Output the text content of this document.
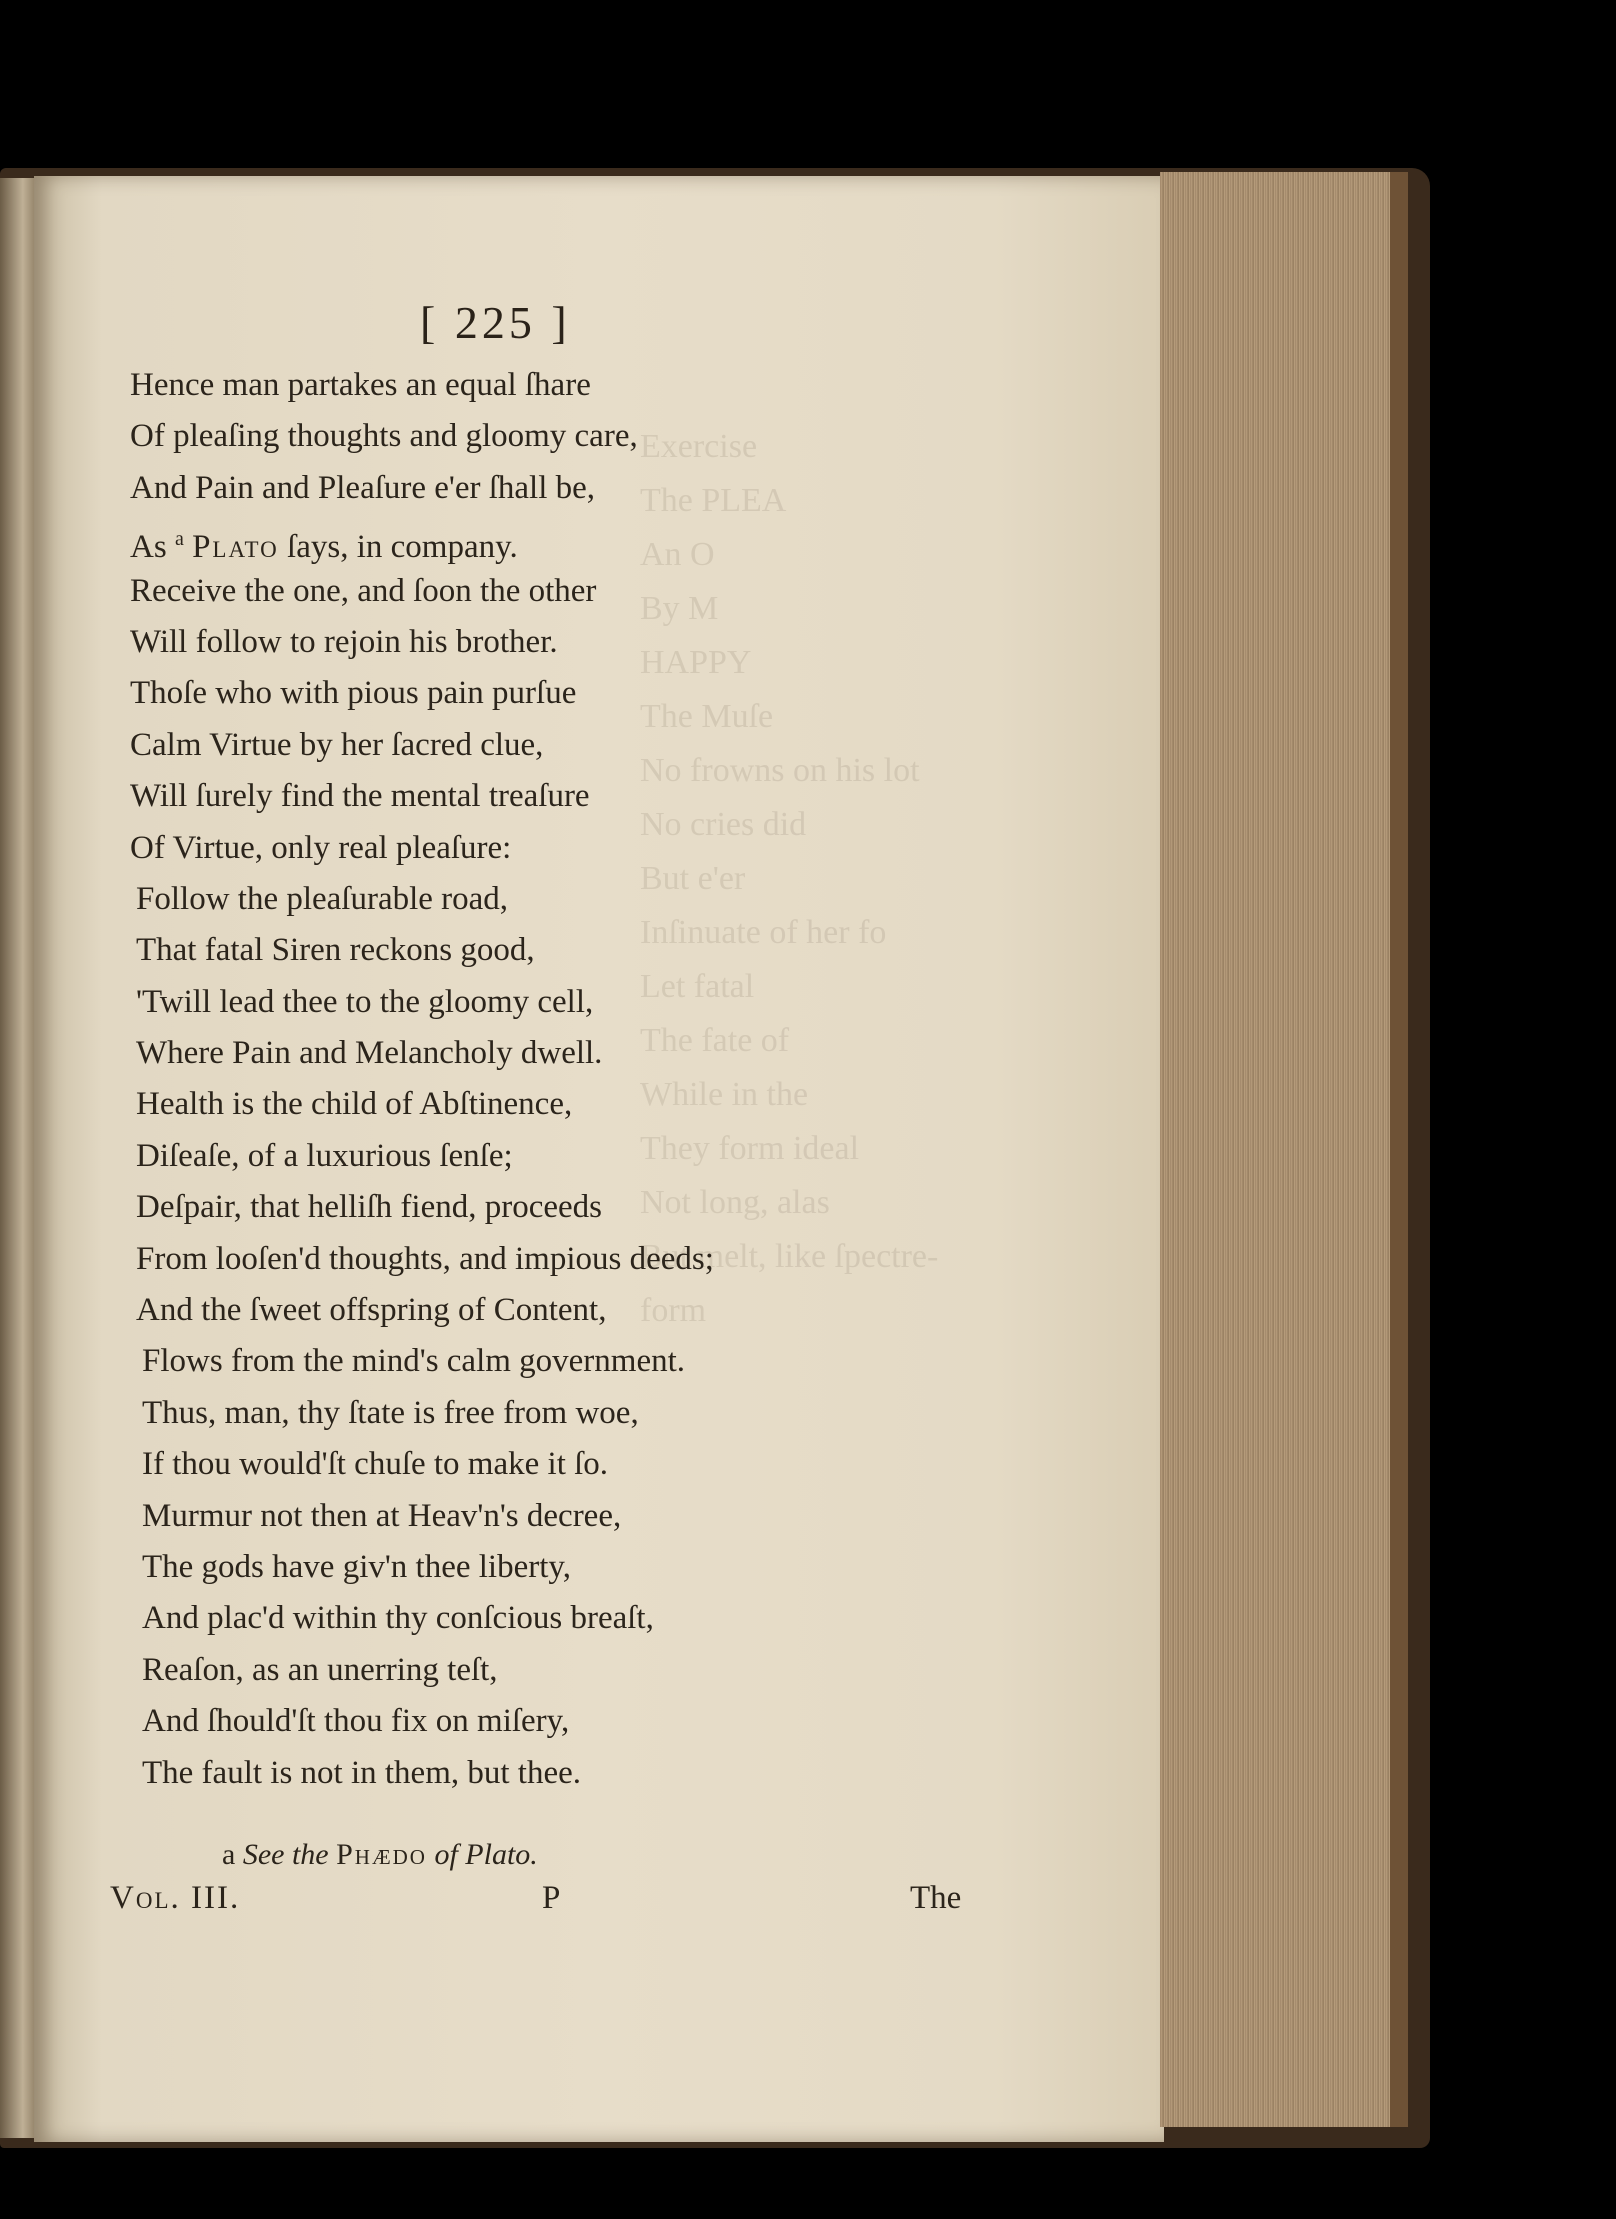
Exercise
The PLEA
An O
By M
HAPPY
The Muſe
No frowns on his lot
No cries did
But e'er
Inſinuate of her fo
Let fatal
The fate of
While in the
They form ideal
Not long, alas
But melt, like ſpectre-form
[ 225 ]
Hence man partakes an equal ſhare
Of pleaſing thoughts and gloomy care,
And Pain and Pleaſure e'er ſhall be,
As $^a$ Plato ſays, in company.
Receive the one, and ſoon the other
Will follow to rejoin his brother.
Thoſe who with pious pain purſue
Calm Virtue by her ſacred clue,
Will ſurely find the mental treaſure
Of Virtue, only real pleaſure:
Follow the pleaſurable road,
That fatal Siren reckons good,
'Twill lead thee to the gloomy cell,
Where Pain and Melancholy dwell.
Health is the child of Abſtinence,
Diſeaſe, of a luxurious ſenſe;
Deſpair, that helliſh fiend, proceeds
From looſen'd thoughts, and impious deeds;
And the ſweet offspring of Content,
Flows from the mind's calm government.
Thus, man, thy ſtate is free from woe,
If thou would'ſt chuſe to make it ſo.
Murmur not then at Heav'n's decree,
The gods have giv'n thee liberty,
And plac'd within thy conſcious breaſt,
Reaſon, as an unerring teſt,
And ſhould'ſt thou fix on miſery,
The fault is not in them, but thee.
a See the Phædo of Plato.
Vol. III.	P	The
